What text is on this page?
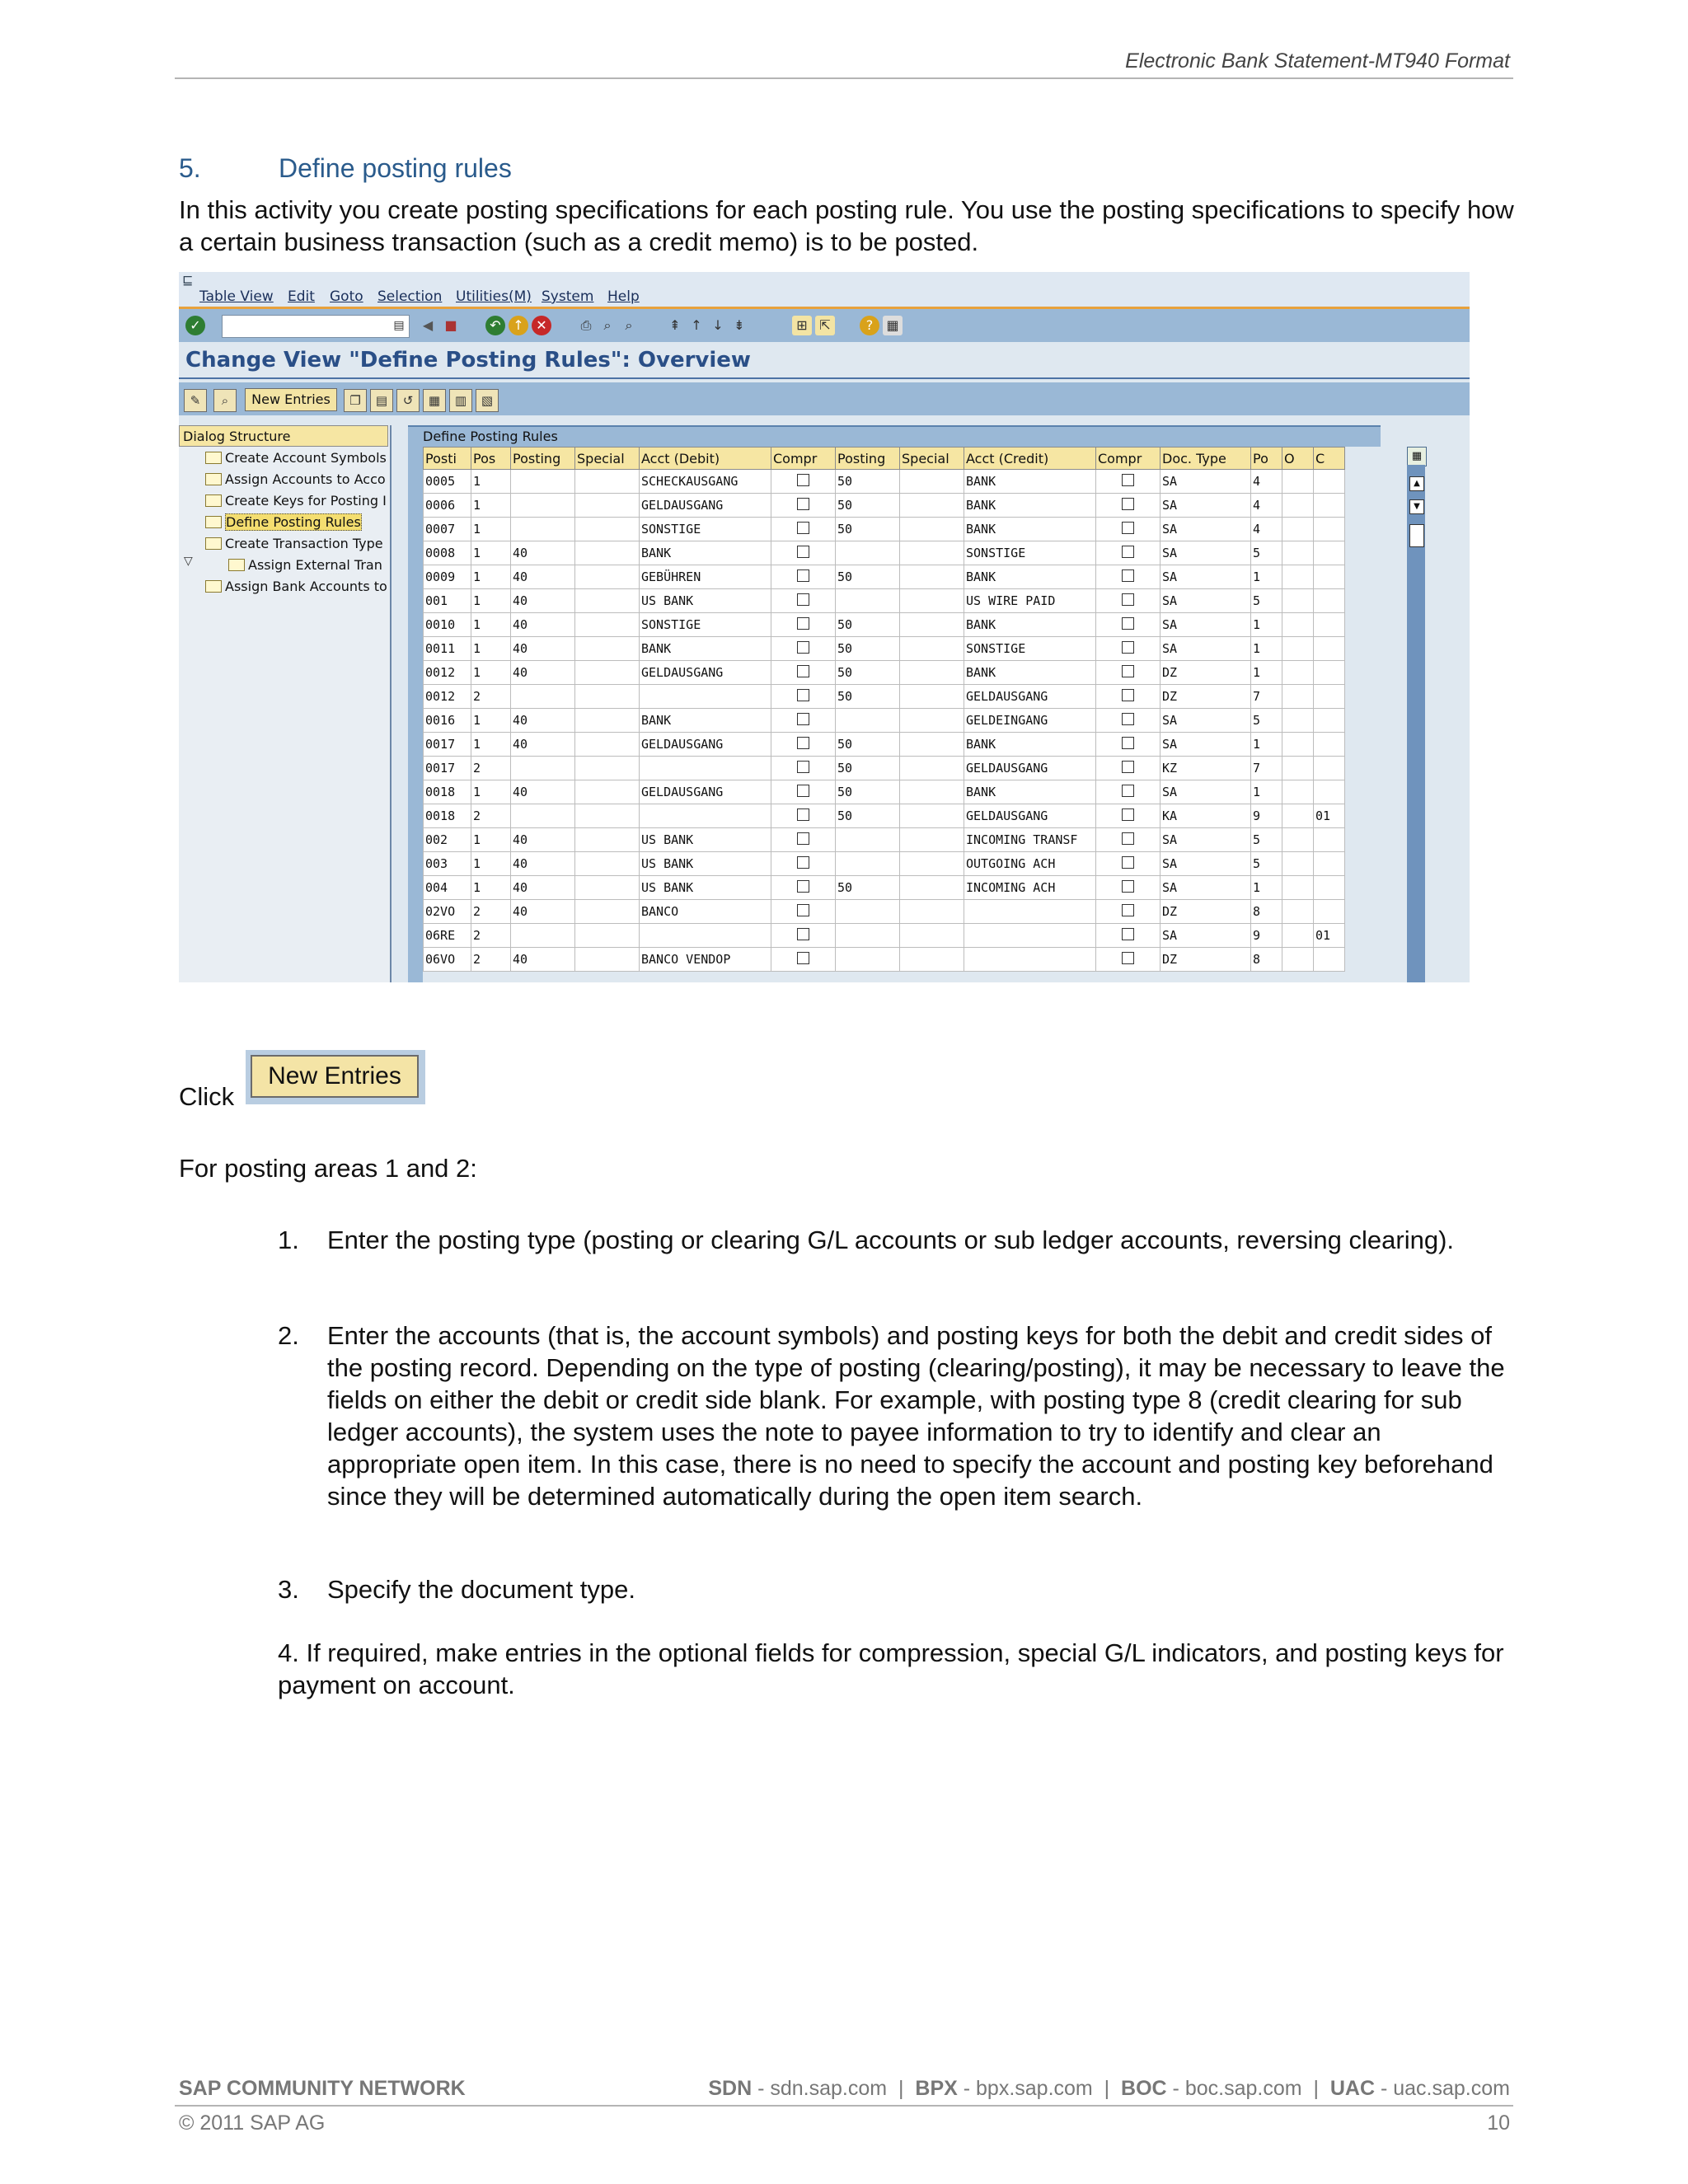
Electronic Bank Statement-MT940 Format
5.	Define posting rules
In this activity you create posting specifications for each posting rule. You use the posting specifications to specify how a certain business transaction (such as a credit memo) is to be posted.
⊑
Table View Edit Goto Selection Utilities(M) System Help
✓	▤	◀ ■	↶ ↑ ✕	⎙ ⌕	⌕	⇞ ↑ ↓ ⇟	⊞ ⇱	?	▦
Change View "Define Posting Rules": Overview
✎	⌕	New Entries	❐	▤	↺	▦	▥	▧
Dialog Structure
Create Account Symbols
Assign Accounts to Acco
Create Keys for Posting I
Define Posting Rules
▽
Create Transaction Type
Assign External Tran
Assign Bank Accounts to
Define Posting Rules
Posti	Pos	Posting	Special	Acct (Debit)	Compr	Posting	Special	Acct (Credit)	Compr	Doc. Type	Po	O	C
0005	1			SCHECKAUSGANG		50		BANK		SA	4		
0006	1			GELDAUSGANG		50		BANK		SA	4		
0007	1			SONSTIGE		50		BANK		SA	4		
0008	1	40		BANK				SONSTIGE		SA	5		
0009	1	40		GEBÜHREN		50		BANK		SA	1		
001	1	40		US BANK				US WIRE PAID		SA	5		
0010	1	40		SONSTIGE		50		BANK		SA	1		
0011	1	40		BANK		50		SONSTIGE		SA	1		
0012	1	40		GELDAUSGANG		50		BANK		DZ	1		
0012	2					50		GELDAUSGANG		DZ	7		
0016	1	40		BANK				GELDEINGANG		SA	5		
0017	1	40		GELDAUSGANG		50		BANK		SA	1		
0017	2					50		GELDAUSGANG		KZ	7		
0018	1	40		GELDAUSGANG		50		BANK		SA	1		
0018	2					50		GELDAUSGANG		KA	9		01
002	1	40		US BANK				INCOMING TRANSF		SA	5		
003	1	40		US BANK				OUTGOING ACH		SA	5		
004	1	40		US BANK		50		INCOMING ACH		SA	1		
02VO	2	40		BANCO						DZ	8		
06RE	2									SA	9		01
06VO	2	40		BANCO VENDOP						DZ	8		
▦
▲
▼
Click
New Entries
For posting areas 1 and 2:
1. Enter the posting type (posting or clearing G/L accounts or sub ledger accounts, reversing clearing).
2. Enter the accounts (that is, the account symbols) and posting keys for both the debit and credit sides of the posting record. Depending on the type of posting (clearing/posting), it may be necessary to leave the fields on either the debit or credit side blank. For example, with posting type 8 (credit clearing for sub ledger accounts), the system uses the note to payee information to try to identify and clear an appropriate open item. In this case, there is no need to specify the account and posting key beforehand since they will be determined automatically during the open item search.
3. Specify the document type.
4. If required, make entries in the optional fields for compression, special G/L indicators, and posting keys for payment on account.
SAP COMMUNITY NETWORK	SDN - sdn.sap.com  |  BPX - bpx.sap.com  |  BOC - boc.sap.com  |  UAC - uac.sap.com
© 2011 SAP AG	10
